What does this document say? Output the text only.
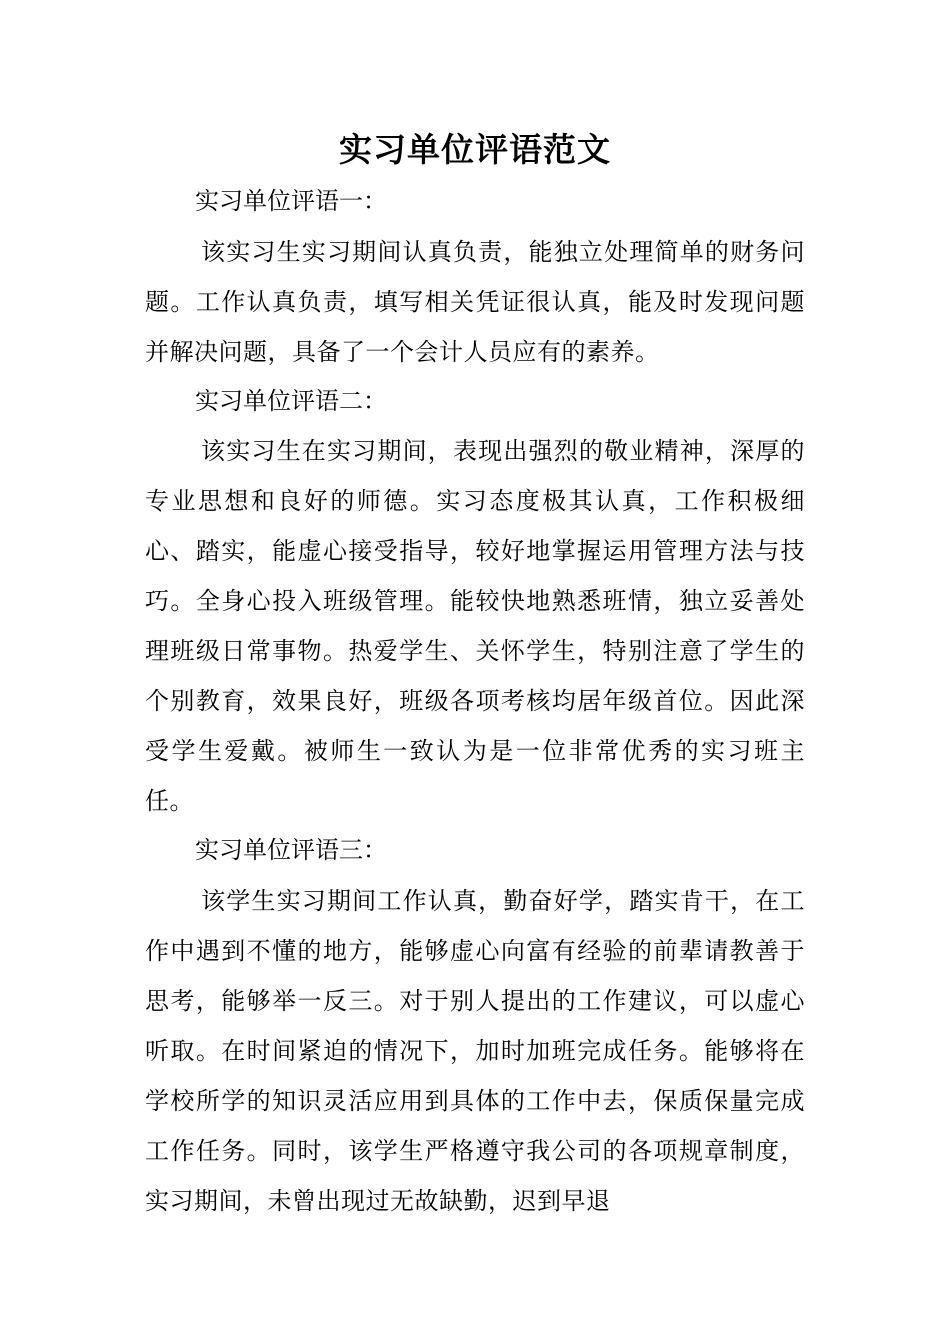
实习单位评语范文

实习单位评语一：

该实习生实习期间认真负责，能独立处理简单的财务问题。工作认真负责，填写相关凭证很认真，能及时发现问题并解决问题，具备了一个会计人员应有的素养。

实习单位评语二：

该实习生在实习期间，表现出强烈的敬业精神，深厚的专业思想和良好的师德。实习态度极其认真，工作积极细心、踏实，能虚心接受指导，较好地掌握运用管理方法与技巧。全身心投入班级管理。能较快地熟悉班情，独立妥善处理班级日常事物。热爱学生、关怀学生，特别注意了学生的个别教育，效果良好，班级各项考核均居年级首位。因此深受学生爱戴。被师生一致认为是一位非常优秀的实习班主任。

实习单位评语三：

该学生实习期间工作认真，勤奋好学，踏实肯干，在工作中遇到不懂的地方，能够虚心向富有经验的前辈请教善于思考，能够举一反三。对于别人提出的工作建议，可以虚心听取。在时间紧迫的情况下，加时加班完成任务。能够将在学校所学的知识灵活应用到具体的工作中去，保质保量完成工作任务。同时，该学生严格遵守我公司的各项规章制度，实习期间，未曾出现过无故缺勤，迟到早退
